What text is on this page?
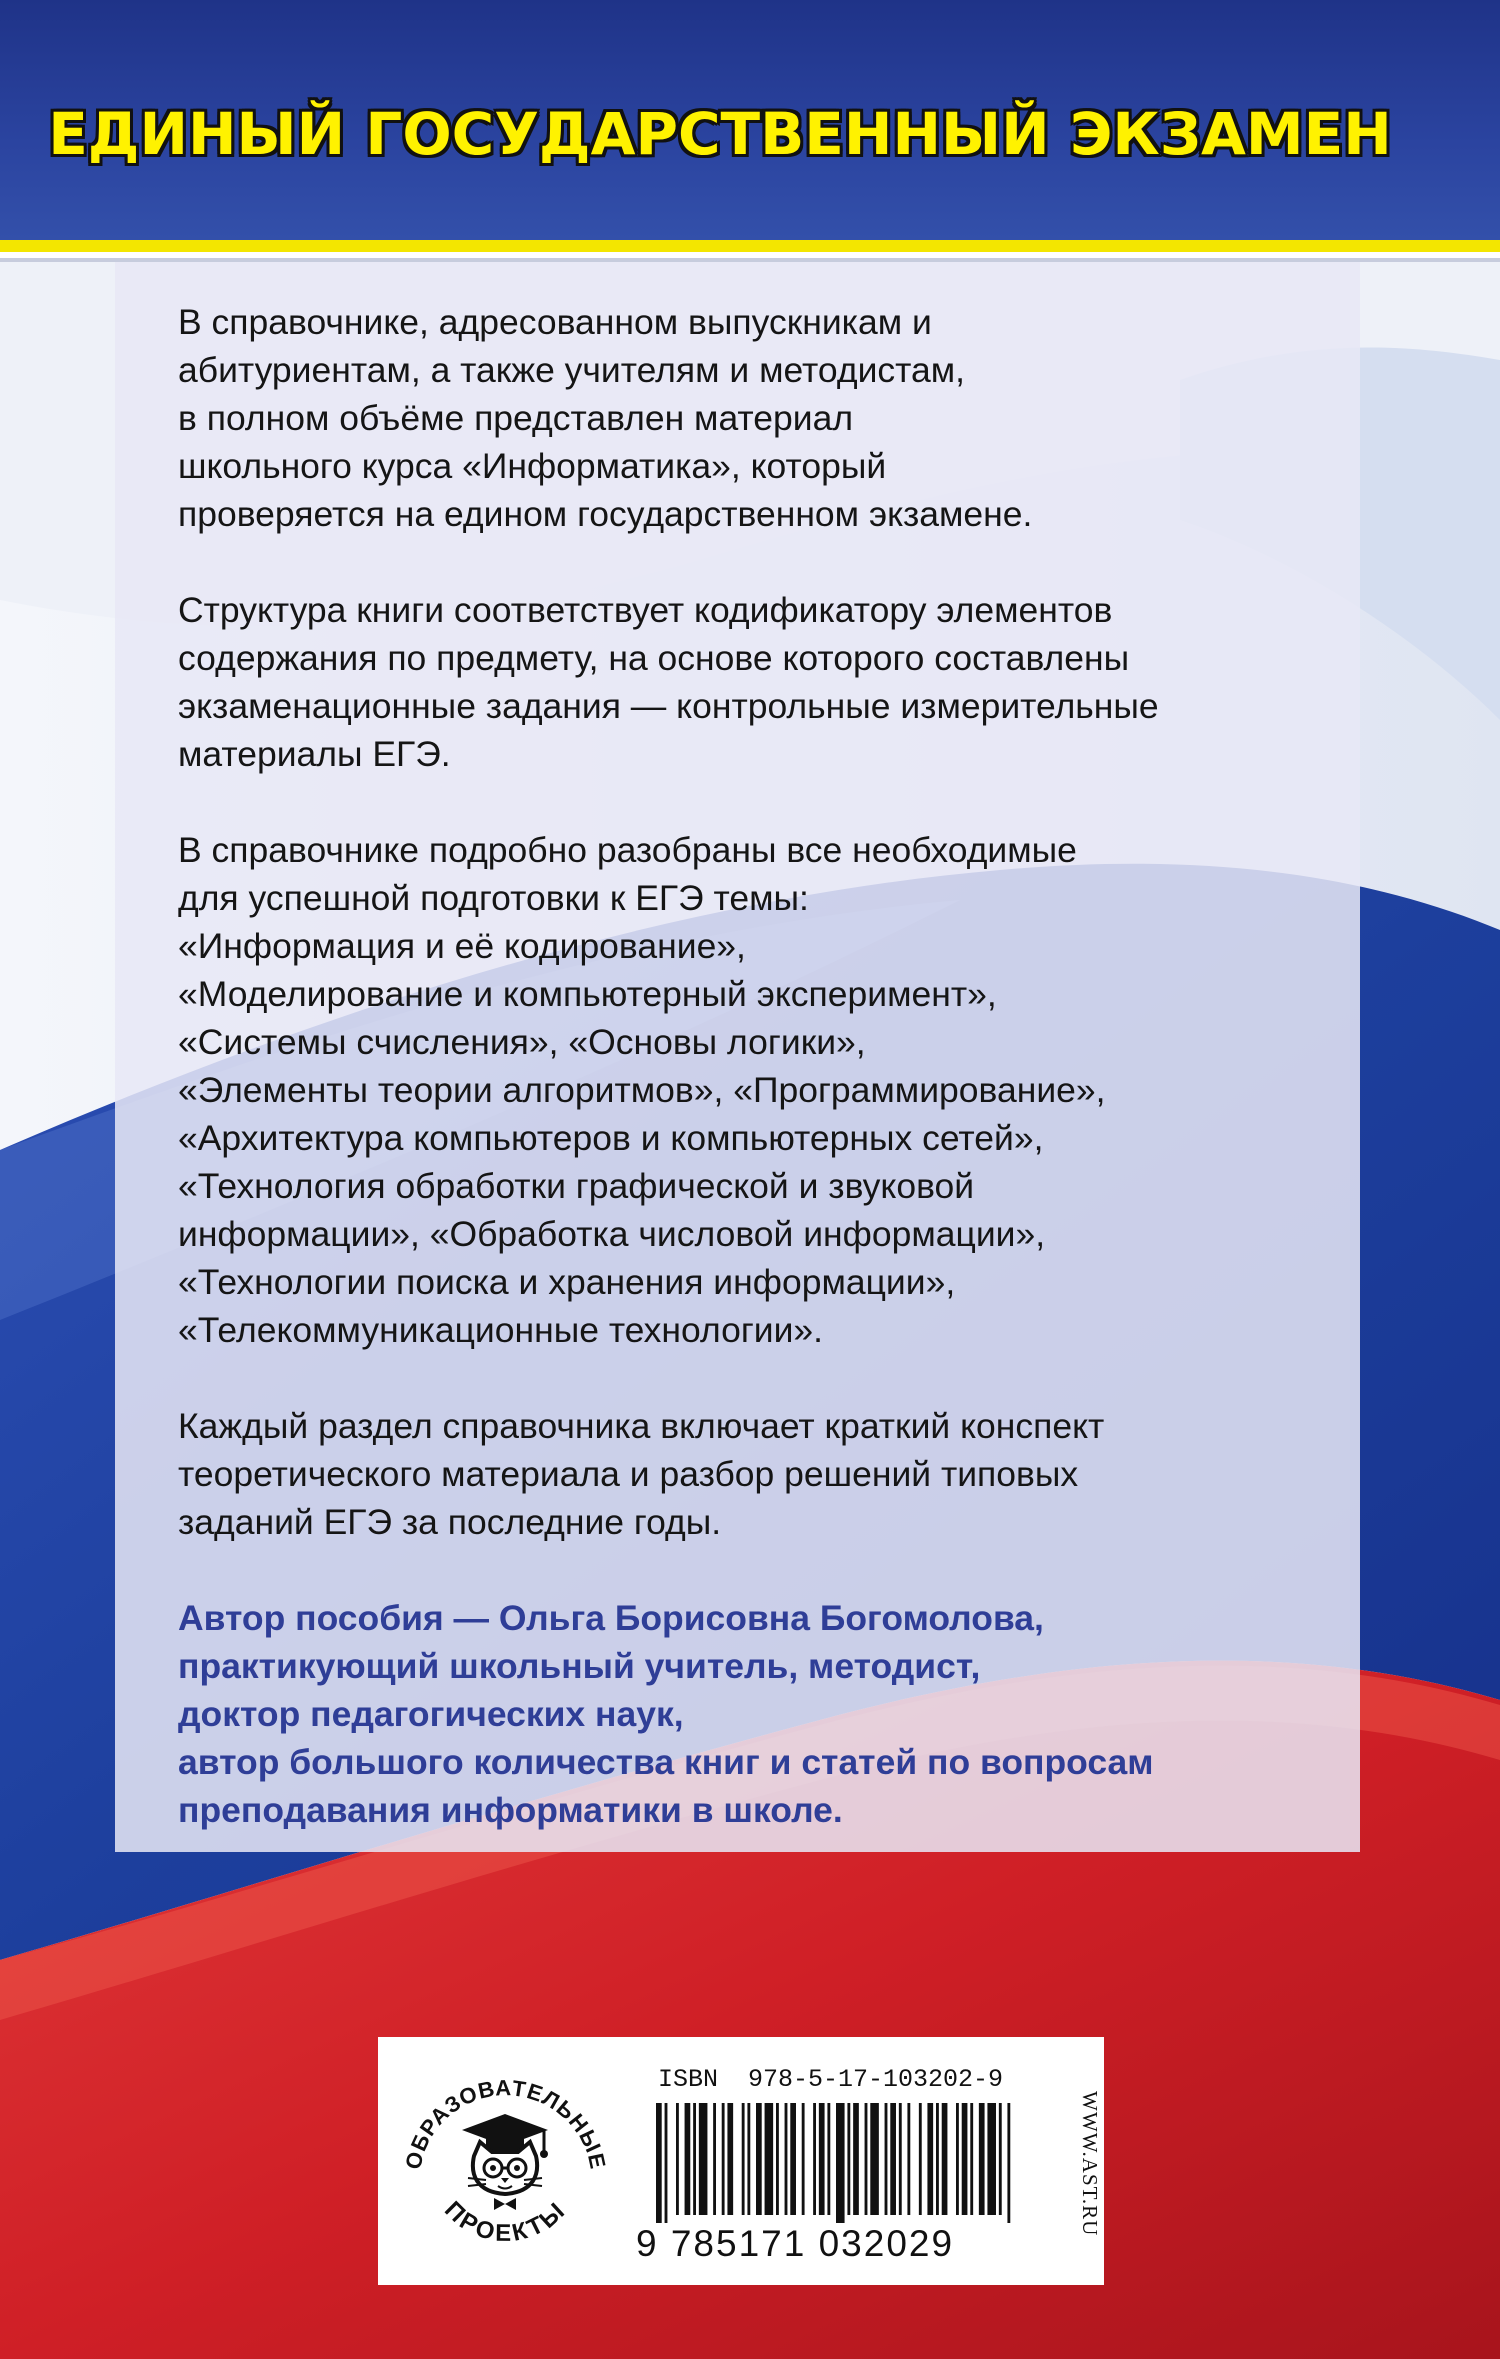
ЕДИНЫЙ ГОСУДАРСТВЕННЫЙ ЭКЗАМЕН
В справочнике, адресованном выпускникам и
абитуриентам, а также учителям и методистам,
в полном объёме представлен материал
школьного курса «Информатика», который
проверяется на едином государственном экзамене.
Структура книги соответствует кодификатору элементов
содержания по предмету, на основе которого составлены
экзаменационные задания — контрольные измерительные
материалы ЕГЭ.
В справочнике подробно разобраны все необходимые
для успешной подготовки к ЕГЭ темы:
«Информация и её кодирование»,
«Моделирование и компьютерный эксперимент»,
«Системы счисления», «Основы логики»,
«Элементы теории алгоритмов», «Программирование»,
«Архитектура компьютеров и компьютерных сетей»,
«Технология обработки графической и звуковой
информации», «Обработка числовой информации»,
«Технологии поиска и хранения информации»,
«Телекоммуникационные технологии».
Каждый раздел справочника включает краткий конспект
теоретического материала и разбор решений типовых
заданий ЕГЭ за последние годы.
Автор пособия — Ольга Борисовна Богомолова,
практикующий школьный учитель, методист,
доктор педагогических наук,
автор большого количества книг и статей по вопросам
преподавания информатики в школе.
ОБРАЗОВАТЕЛЬНЫЕ
ПРОЕКТЫ
ISBN  978-5-17-103202-9
9 785171 032029
WWW.AST.RU
